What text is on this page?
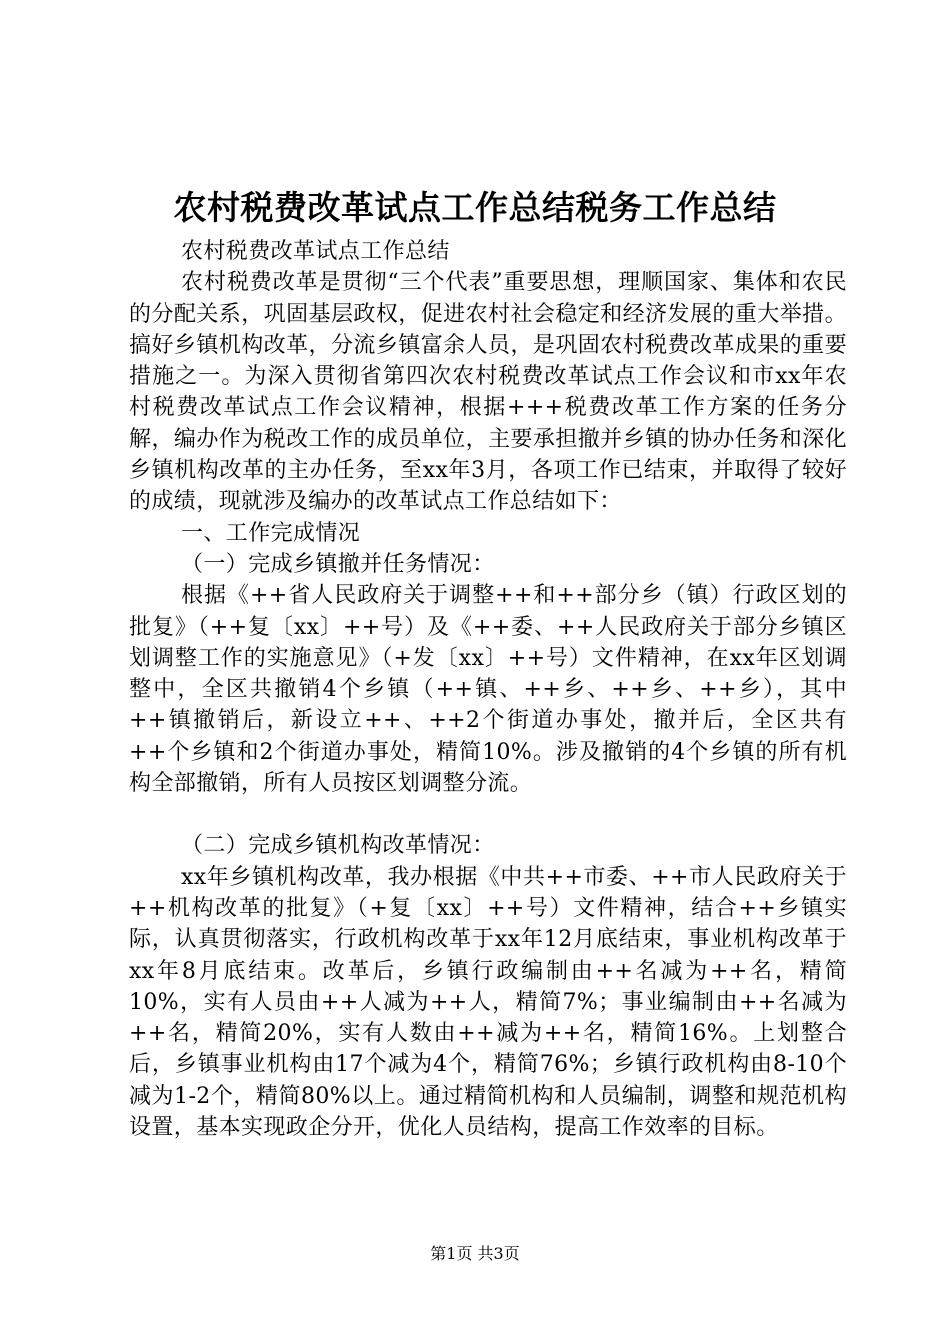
农村税费改革试点工作总结税务工作总结

农村税费改革试点工作总结

农村税费改革是贯彻“三个代表”重要思想，理顺国家、集体和农民的分配关系，巩固基层政权，促进农村社会稳定和经济发展的重大举措。搞好乡镇机构改革，分流乡镇富余人员，是巩固农村税费改革成果的重要措施之一。为深入贯彻省第四次农村税费改革试点工作会议和市xx年农村税费改革试点工作会议精神，根据+++税费改革工作方案的任务分解，编办作为税改工作的成员单位，主要承担撤并乡镇的协办任务和深化乡镇机构改革的主办任务，至xx年3月，各项工作已结束，并取得了较好的成绩，现就涉及编办的改革试点工作总结如下：

一、工作完成情况

（一）完成乡镇撤并任务情况：

根据《++省人民政府关于调整++和++部分乡（镇）行政区划的批复》（++复〔xx〕++号）及《++委、++人民政府关于部分乡镇区划调整工作的实施意见》（+发〔xx〕++号）文件精神，在xx年区划调整中，全区共撤销4个乡镇（++镇、++乡、++乡、++乡），其中++镇撤销后，新设立++、++2个街道办事处，撤并后，全区共有++个乡镇和2个街道办事处，精简10%。涉及撤销的4个乡镇的所有机构全部撤销，所有人员按区划调整分流。

（二）完成乡镇机构改革情况：

xx年乡镇机构改革，我办根据《中共++市委、++市人民政府关于++机构改革的批复》（+复〔xx〕++号）文件精神，结合++乡镇实际，认真贯彻落实，行政机构改革于xx年12月底结束，事业机构改革于xx年8月底结束。改革后，乡镇行政编制由++名减为++名，精简10%，实有人员由++人减为++人，精简7%；事业编制由++名减为++名，精简20%，实有人数由++减为++名，精简16%。上划整合后，乡镇事业机构由17个减为4个，精简76%；乡镇行政机构由8-10个减为1-2个，精简80%以上。通过精简机构和人员编制，调整和规范机构设置，基本实现政企分开，优化人员结构，提高工作效率的目标。

第1页 共3页
